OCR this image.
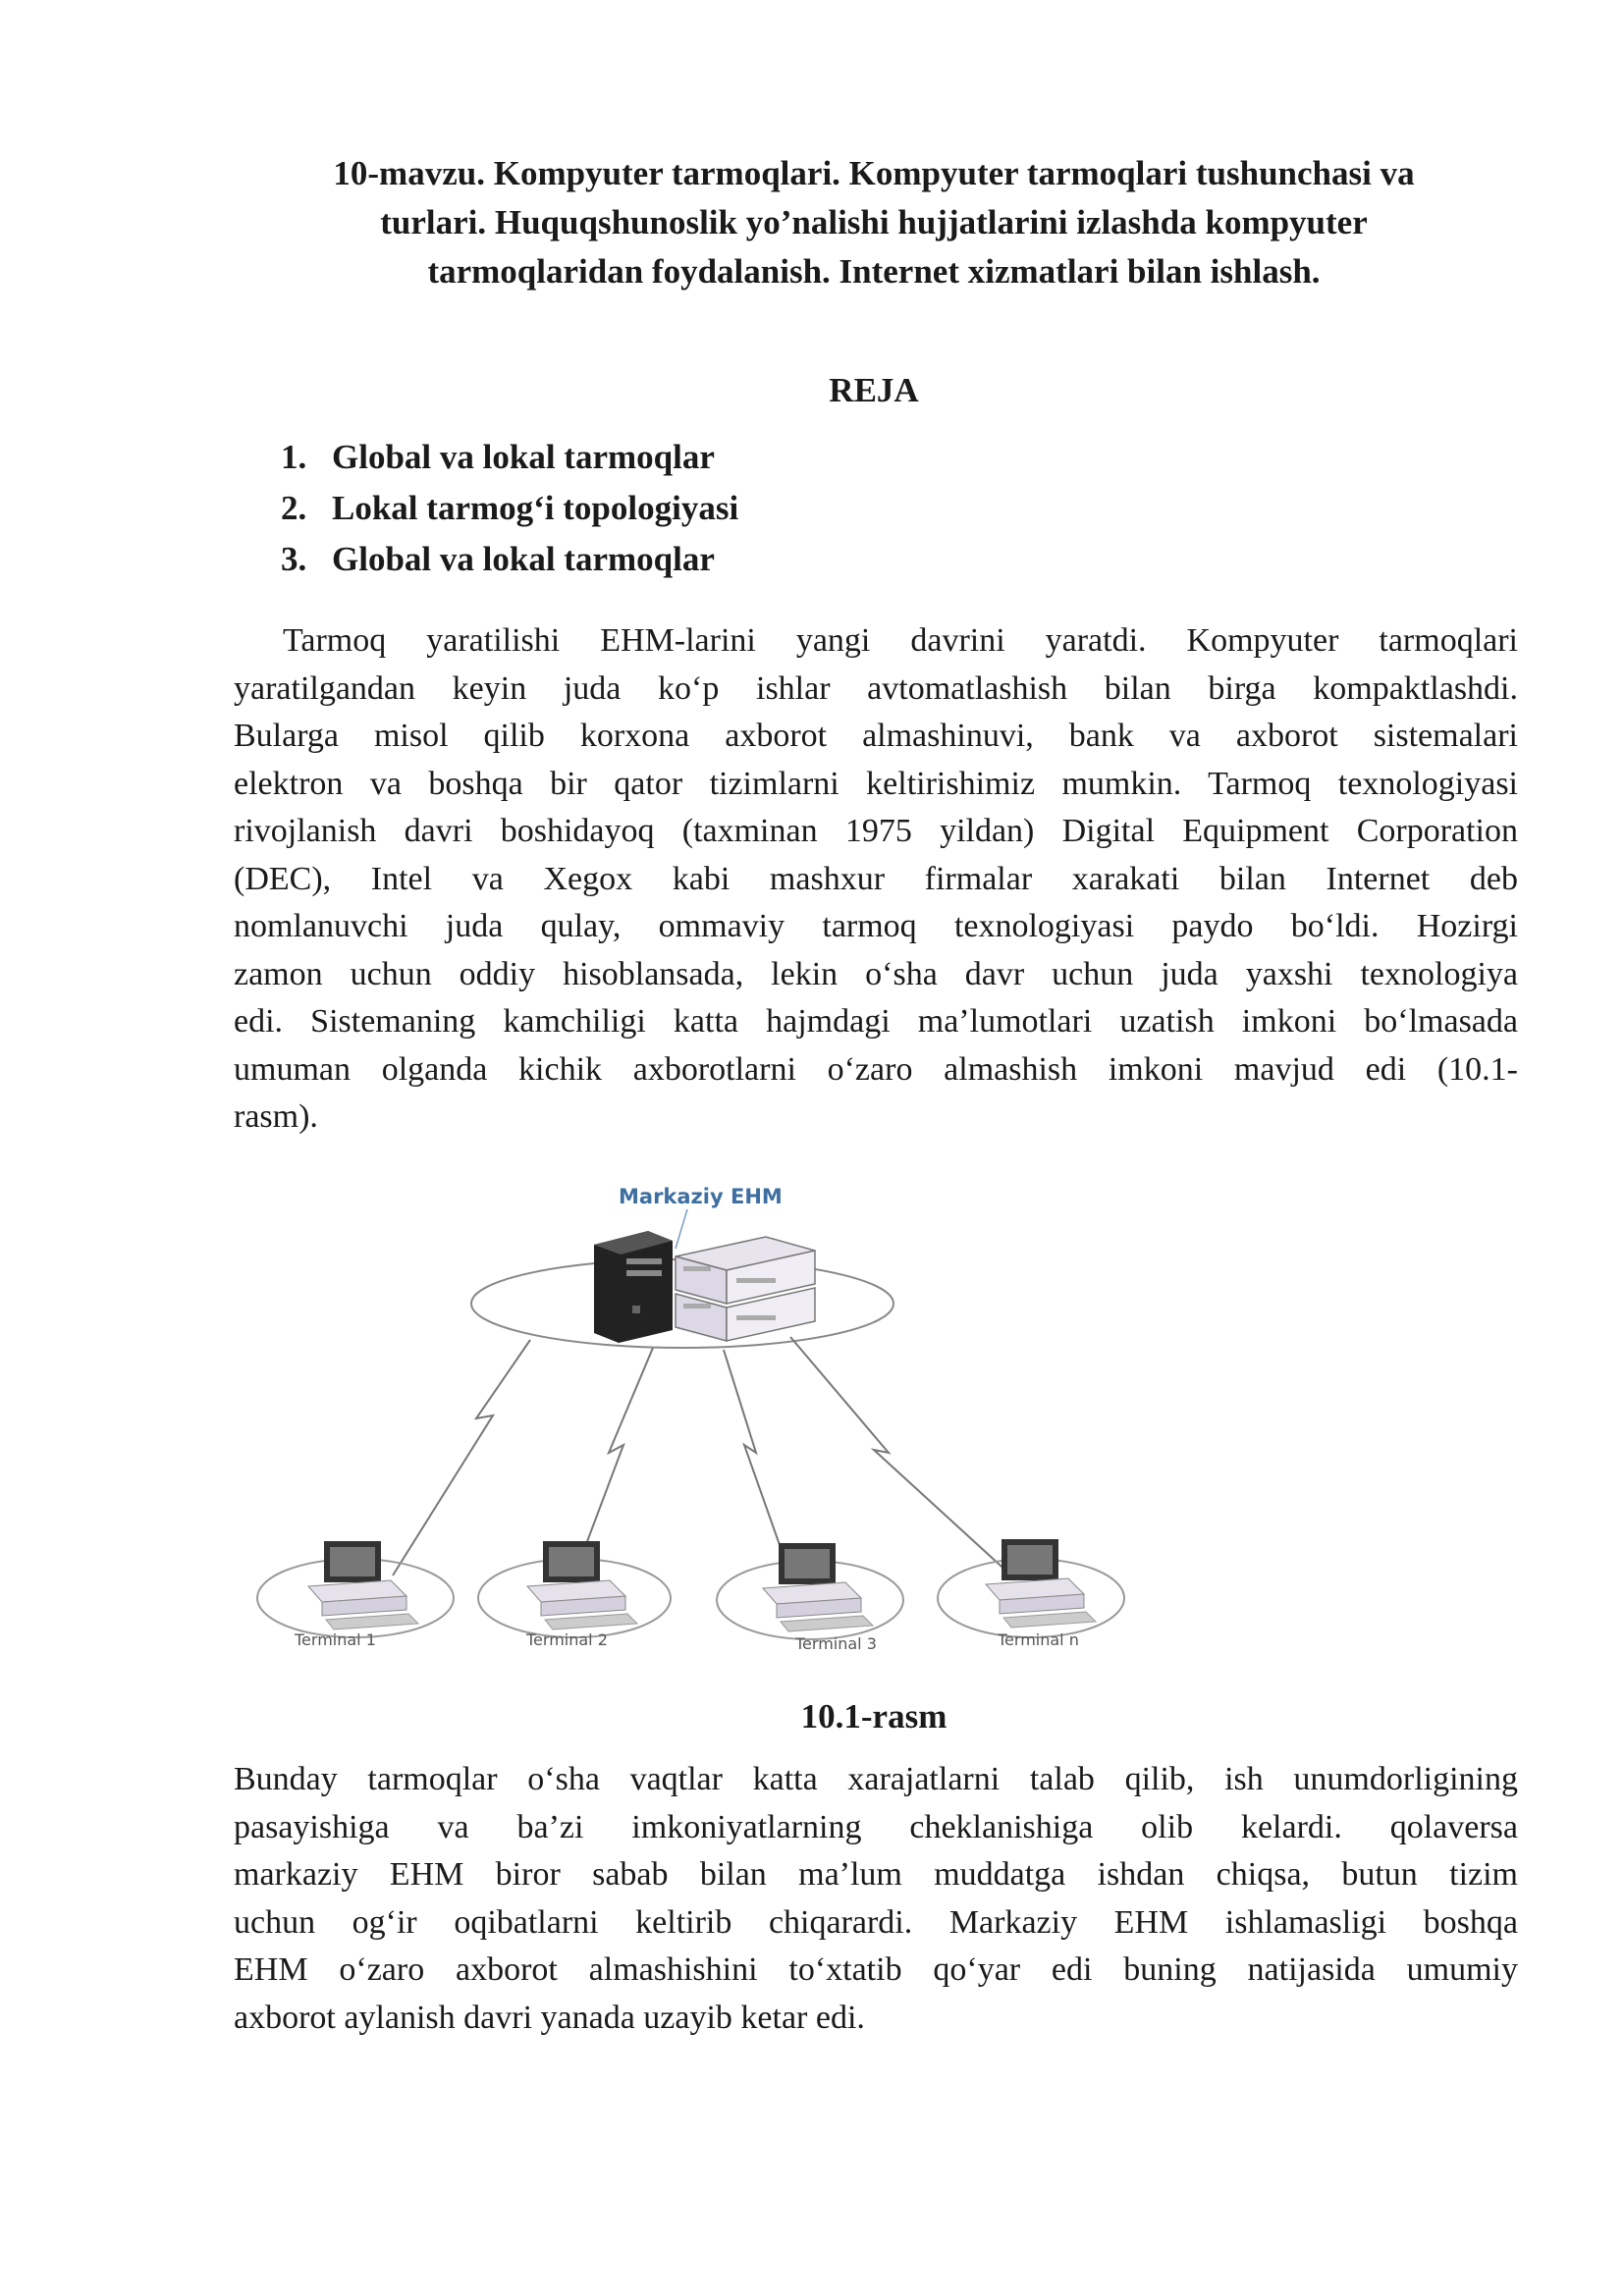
10-mavzu. Kompyuter tarmoqlari. Kompyuter tarmoqlari tushunchasi va
turlari. Huquqshunoslik yo’nalishi hujjatlarini izlashda kompyuter
tarmoqlaridan foydalanish. Internet xizmatlari bilan ishlash.
REJA
1. Global va lokal tarmoqlar
2. Lokal tarmog‘i topologiyasi
3. Global va lokal tarmoqlar
Tarmoq yaratilishi EHM-larini yangi davrini yaratdi. Kompyuter tarmoqlari
yaratilgandan keyin juda ko‘p ishlar avtomatlashish bilan birga kompaktlashdi.
Bularga misol qilib korxona axborot almashinuvi, bank va axborot sistemalari
elektron va boshqa bir qator tizimlarni keltirishimiz mumkin. Tarmoq texnologiyasi
rivojlanish davri boshidayoq (taxminan 1975 yildan) Digital Equipment Corporation
(DEC), Intel va Xegox kabi mashxur firmalar xarakati bilan Internet deb
nomlanuvchi juda qulay, ommaviy tarmoq texnologiyasi paydo bo‘ldi. Hozirgi
zamon uchun oddiy hisoblansada, lekin o‘sha davr uchun juda yaxshi texnologiya
edi. Sistemaning kamchiligi katta hajmdagi ma’lumotlari uzatish imkoni bo‘lmasada
umuman olganda kichik axborotlarni o‘zaro almashish imkoni mavjud edi (10.1-
rasm).
Markaziy EHM
Terminal 1	Terminal 2	Terminal 3	Terminal n
10.1-rasm
Bunday tarmoqlar o‘sha vaqtlar katta xarajatlarni talab qilib, ish unumdorligining
pasayishiga va ba’zi imkoniyatlarning cheklanishiga olib kelardi. qolaversa
markaziy EHM biror sabab bilan ma’lum muddatga ishdan chiqsa, butun tizim
uchun og‘ir oqibatlarni keltirib chiqarardi. Markaziy EHM ishlamasligi boshqa
EHM o‘zaro axborot almashishini to‘xtatib qo‘yar edi buning natijasida umumiy
axborot aylanish davri yanada uzayib ketar edi.
